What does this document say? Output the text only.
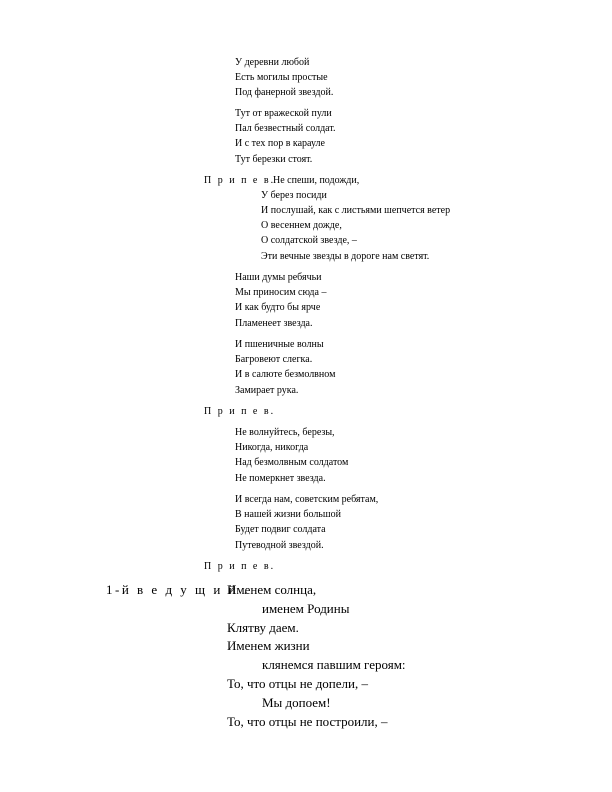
У деревни любой
Есть могилы простые
Под фанерной звездой.
Тут от вражеской пули
Пал безвестный солдат.
И с тех пор в карауле
Тут березки стоят.
П р и п е в.
Не спеши, подожди,
У берез посиди
И послушай, как с листьями шепчется ветер
О весеннем дожде,
О солдатской звезде, –
Эти вечные звезды в дороге нам светят.
Наши думы ребячьи
Мы приносим сюда –
И как будто бы ярче
Пламенеет звезда.
И пшеничные волны
Багровеют слегка.
И в салюте безмолвном
Замирает рука.
П р и п е в.
Не волнуйтесь, березы,
Никогда, никогда
Над безмолвным солдатом
Не померкнет звезда.
И всегда нам, советским ребятам,
В нашей жизни большой
Будет подвиг солдата
Путеводной звездой.
П р и п е в.
1-й в е д у щ и й .
Именем солнца,
именем Родины
Клятву даем.
Именем жизни
клянемся павшим героям:
То, что отцы не допели, –
Мы допоем!
То, что отцы не построили, –
